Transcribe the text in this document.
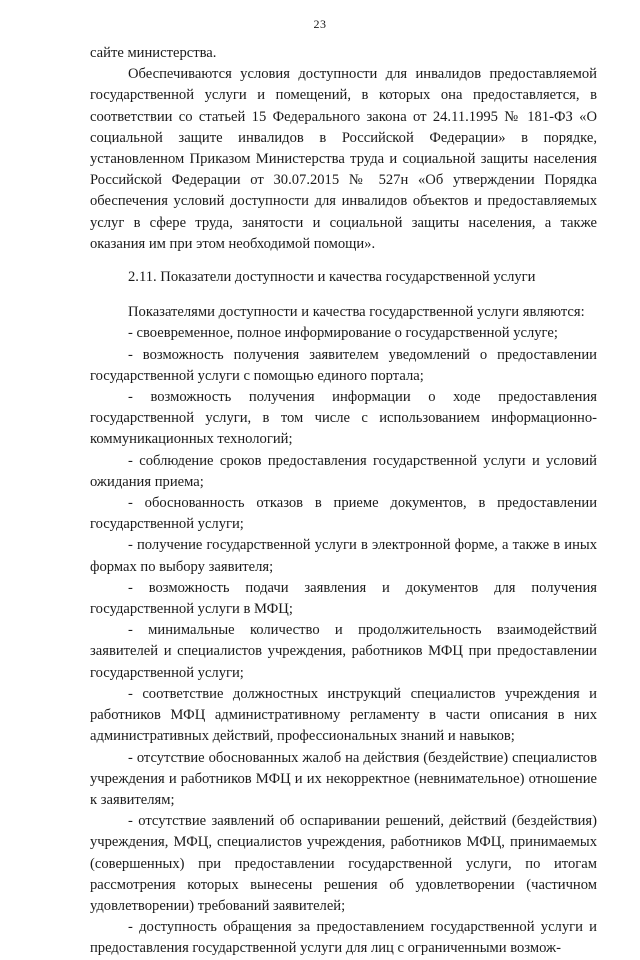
23

сайте министерства.

Обеспечиваются условия доступности для инвалидов предоставляемой государственной услуги и помещений, в которых она предоставляется, в соответствии со статьей 15 Федерального закона от 24.11.1995 № 181-ФЗ «О социальной защите инвалидов в Российской Федерации» в порядке, установленном Приказом Министерства труда и социальной защиты населения Российской Федерации от 30.07.2015 № 527н «Об утверждении Порядка обеспечения условий доступности для инвалидов объектов и предоставляемых услуг в сфере труда, занятости и социальной защиты населения, а также оказания им при этом необходимой помощи».

2.11. Показатели доступности и качества государственной услуги

Показателями доступности и качества государственной услуги являются:

- своевременное, полное информирование о государственной услуге;

- возможность получения заявителем уведомлений о предоставлении государственной услуги с помощью единого портала;

- возможность получения информации о ходе предоставления государственной услуги, в том числе с использованием информационно-коммуникационных технологий;

- соблюдение сроков предоставления государственной услуги и условий ожидания приема;

- обоснованность отказов в приеме документов, в предоставлении государственной услуги;

- получение государственной услуги в электронной форме, а также в иных формах по выбору заявителя;

- возможность подачи заявления и документов для получения государственной услуги в МФЦ;

- минимальные количество и продолжительность взаимодействий заявителей и специалистов учреждения, работников МФЦ при предоставлении государственной услуги;

- соответствие должностных инструкций специалистов учреждения и работников МФЦ административному регламенту в части описания в них административных действий, профессиональных знаний и навыков;

- отсутствие обоснованных жалоб на действия (бездействие) специалистов учреждения и работников МФЦ и их некорректное (невнимательное) отношение к заявителям;

- отсутствие заявлений об оспаривании решений, действий (бездействия) учреждения, МФЦ, специалистов учреждения, работников МФЦ, принимаемых (совершенных) при предоставлении государственной услуги, по итогам рассмотрения которых вынесены решения об удовлетворении (частичном удовлетворении) требований заявителей;

- доступность обращения за предоставлением государственной услуги и предоставления государственной услуги для лиц с ограниченными возмож-
